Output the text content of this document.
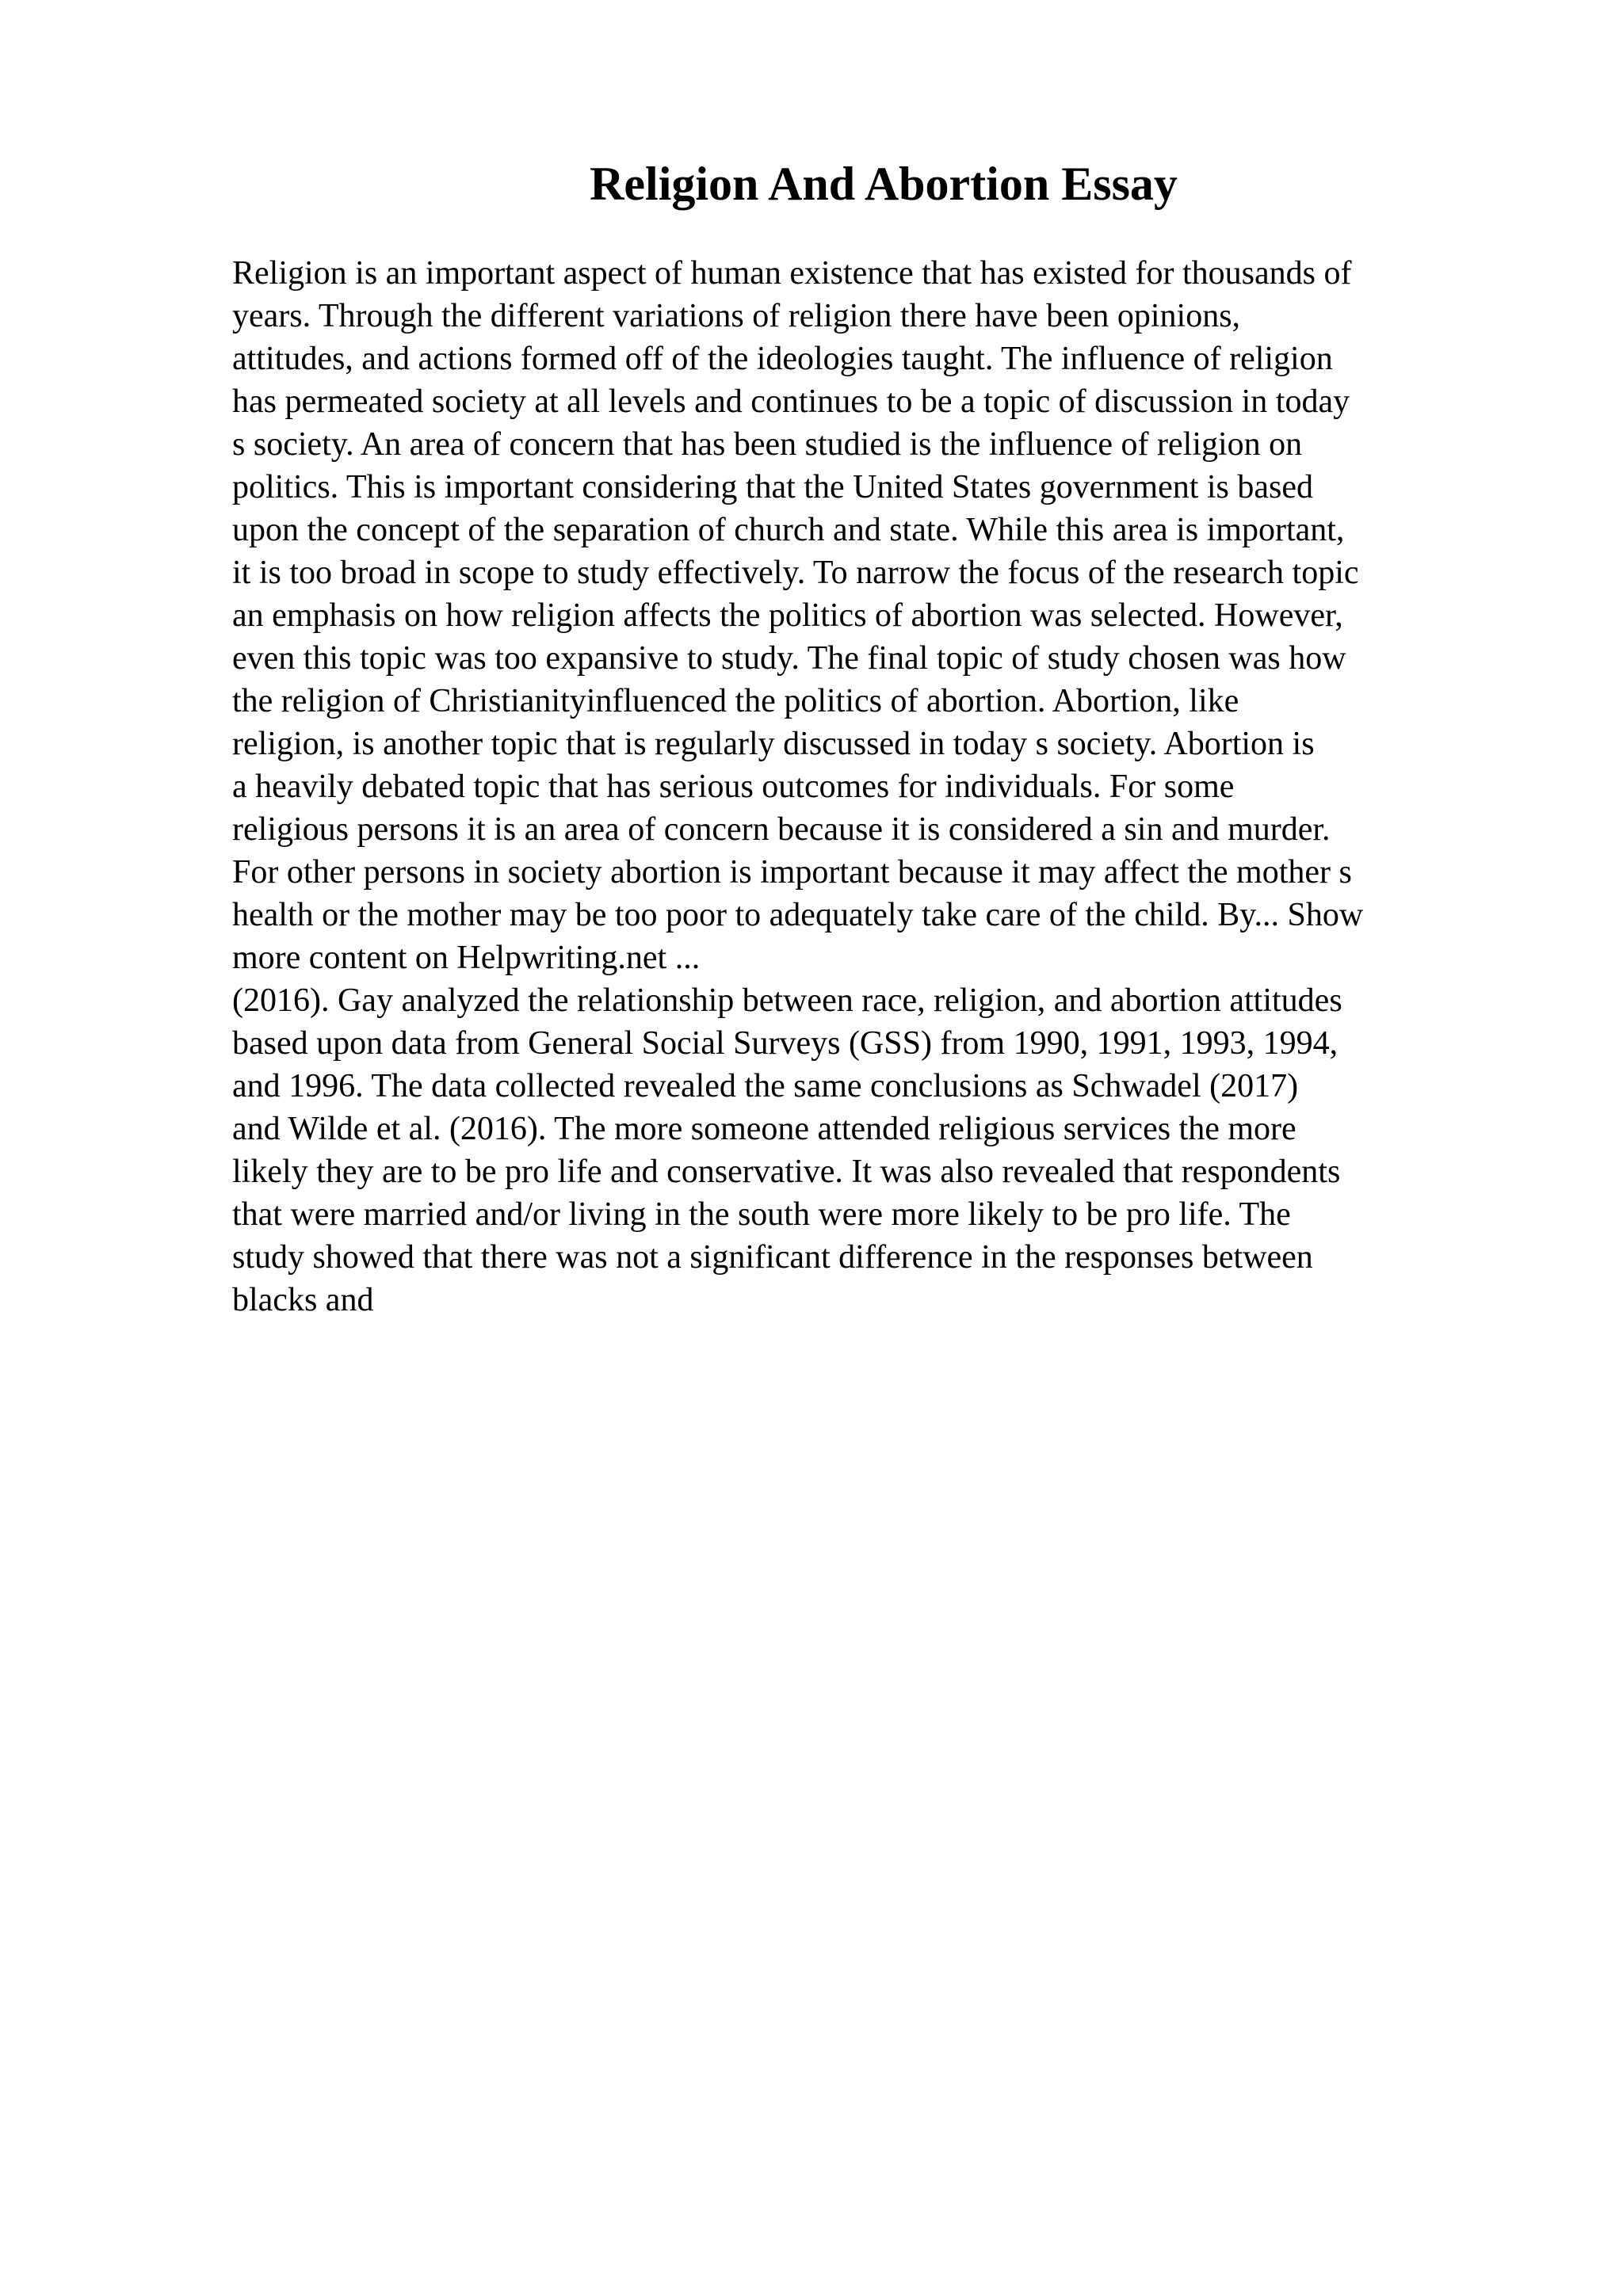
Religion And Abortion Essay

Religion is an important aspect of human existence that has existed for thousands of

years. Through the different variations of religion there have been opinions,

attitudes, and actions formed off of the ideologies taught. The influence of religion

has permeated society at all levels and continues to be a topic of discussion in today

s society. An area of concern that has been studied is the influence of religion on

politics. This is important considering that the United States government is based

upon the concept of the separation of church and state. While this area is important,

it is too broad in scope to study effectively. To narrow the focus of the research topic

an emphasis on how religion affects the politics of abortion was selected. However,

even this topic was too expansive to study. The final topic of study chosen was how

the religion of Christianityinfluenced the politics of abortion. Abortion, like

religion, is another topic that is regularly discussed in today s society. Abortion is

a heavily debated topic that has serious outcomes for individuals. For some

religious persons it is an area of concern because it is considered a sin and murder.

For other persons in society abortion is important because it may affect the mother s

health or the mother may be too poor to adequately take care of the child. By... Show

more content on Helpwriting.net ...

(2016). Gay analyzed the relationship between race, religion, and abortion attitudes

based upon data from General Social Surveys (GSS) from 1990, 1991, 1993, 1994,

and 1996. The data collected revealed the same conclusions as Schwadel (2017)

and Wilde et al. (2016). The more someone attended religious services the more

likely they are to be pro life and conservative. It was also revealed that respondents

that were married and/or living in the south were more likely to be pro life. The

study showed that there was not a significant difference in the responses between

blacks and
